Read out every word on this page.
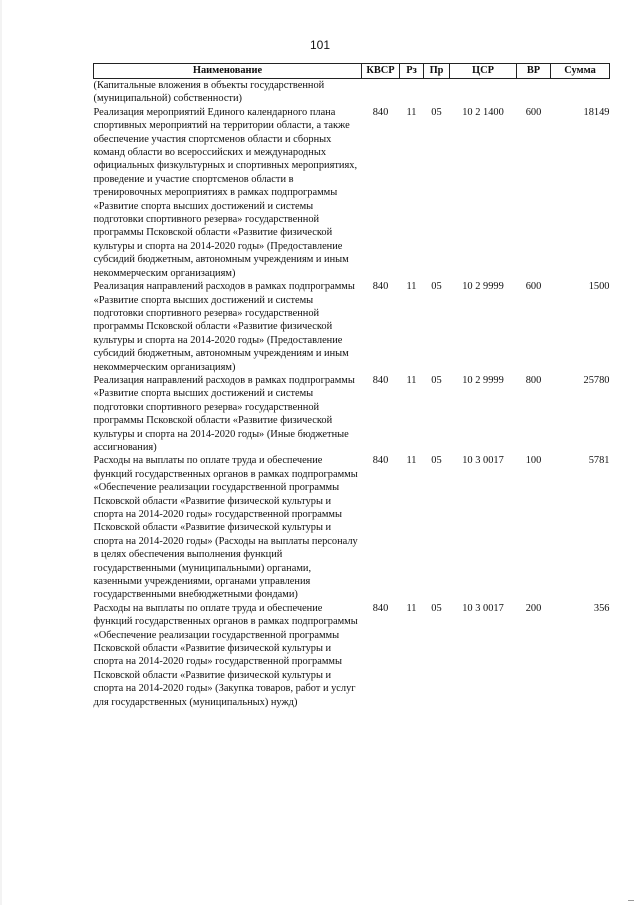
101
Наименование	КВСР	Рз	Пр	ЦСР	ВР	Сумма
(Капитальные вложения в объекты государственной (муниципальной) собственности)						
Реализация мероприятий Единого календарного плана спортивных мероприятий на территории области, а также обеспечение участия спортсменов области и сборных команд области во всероссийских и международных официальных физкультурных и спортивных мероприятиях, проведение и участие спортсменов области в тренировочных мероприятиях в рамках подпрограммы «Развитие спорта высших достижений и системы подготовки спортивного резерва» государственной программы Псковской области «Развитие физической культуры и спорта на 2014-2020 годы» (Предоставление субсидий бюджетным, автономным учреждениям и иным некоммерческим организациям)	840	11	05	10 2 1400	600	18149
Реализация направлений расходов в рамках подпрограммы «Развитие спорта высших достижений и системы подготовки спортивного резерва» государственной программы Псковской области «Развитие физической культуры и спорта на 2014-2020 годы» (Предоставление субсидий бюджетным, автономным учреждениям и иным некоммерческим организациям)	840	11	05	10 2 9999	600	1500
Реализация направлений расходов в рамках подпрограммы «Развитие спорта высших достижений и системы подготовки спортивного резерва» государственной программы Псковской области «Развитие физической культуры и спорта на 2014-2020 годы» (Иные бюджетные ассигнования)	840	11	05	10 2 9999	800	25780
Расходы на выплаты по оплате труда и обеспечение функций государственных органов в рамках подпрограммы «Обеспечение реализации государственной программы Псковской области «Развитие физической культуры и спорта на 2014-2020 годы» государственной программы Псковской области «Развитие физической культуры и спорта на 2014-2020 годы» (Расходы на выплаты персоналу в целях обеспечения выполнения функций государственными (муниципальными) органами, казенными учреждениями, органами управления государственными внебюджетными фондами)	840	11	05	10 3 0017	100	5781
Расходы на выплаты по оплате труда и обеспечение функций государственных органов в рамках подпрограммы «Обеспечение реализации государственной программы Псковской области «Развитие физической культуры и спорта на 2014-2020 годы» государственной программы Псковской области «Развитие физической культуры и спорта на 2014-2020 годы» (Закупка товаров, работ и услуг для государственных (муниципальных) нужд)	840	11	05	10 3 0017	200	356
